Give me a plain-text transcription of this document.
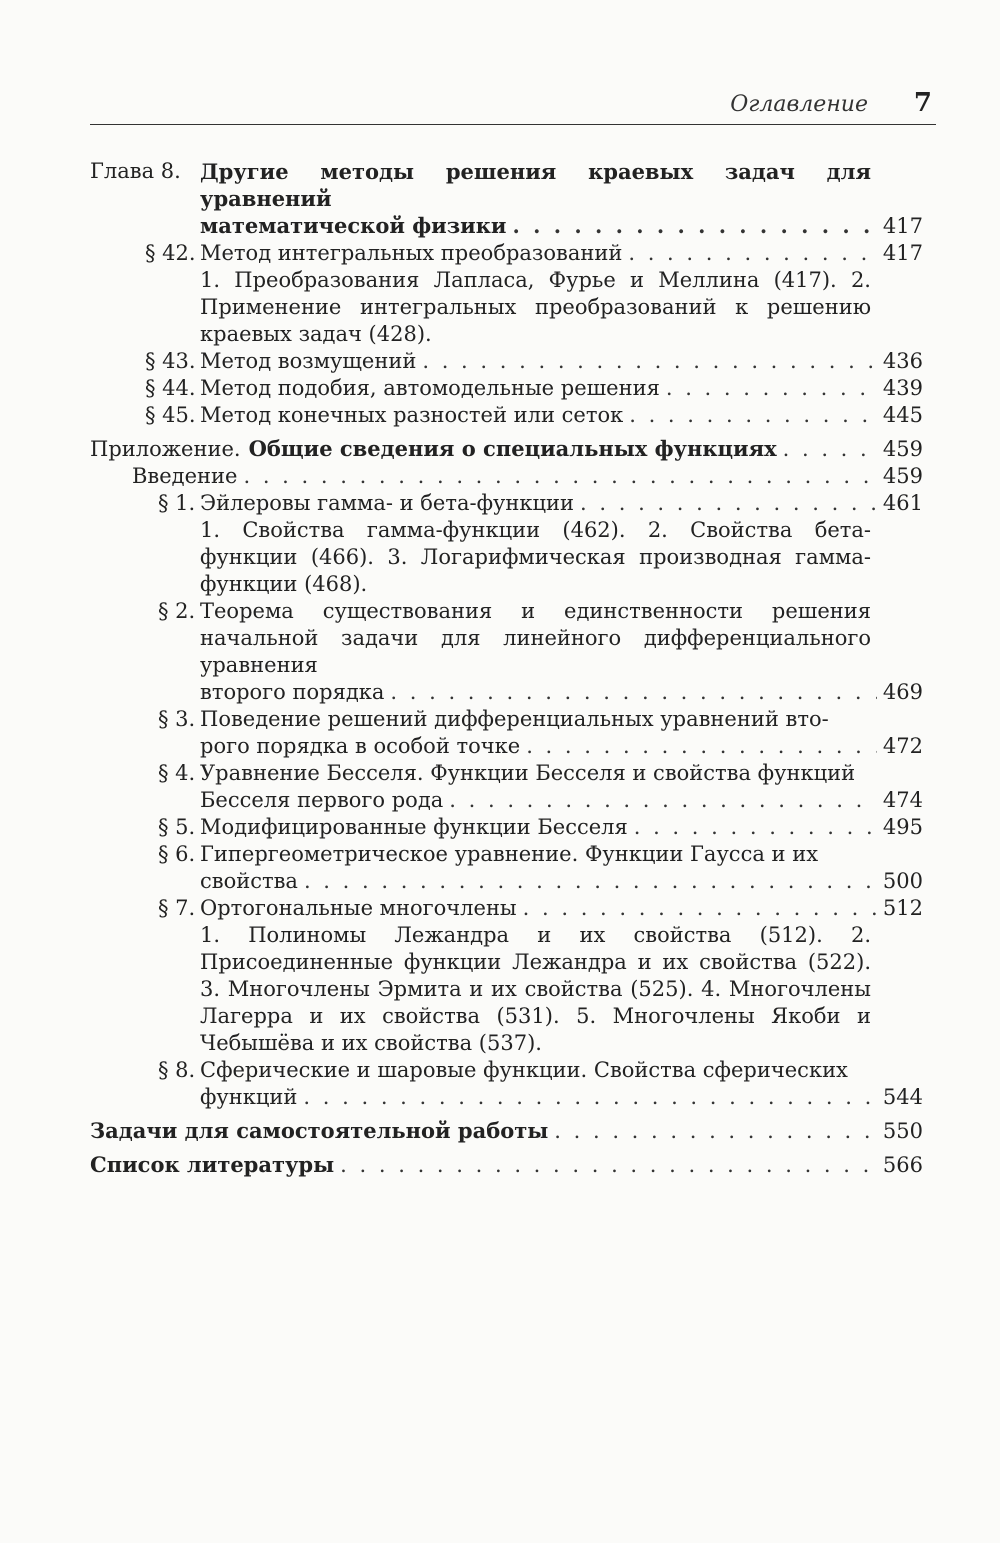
Оглавление 7
Глава 8. Другие методы решения краевых задач для уравнений
математической физики . . .	417
§ 42. Метод интегральных преобразований . . .	417
1. Преобразования Лапласа, Фурье и Меллина (417). 2. Применение интегральных преобразований к решению краевых задач (428).
§ 43. Метод возмущений . . .	436
§ 44. Метод подобия, автомодельные решения . . .	439
§ 45. Метод конечных разностей или сеток . . .	445
Приложение. Общие сведения о специальных функциях . . .	459
Введение . . .	459
§ 1. Эйлеровы гамма- и бета-функции . . .	461
1. Свойства гамма-функции (462). 2. Свойства бета-функции (466). 3. Логарифмическая производная гамма-функции (468).
§ 2. Теорема существования и единственности решения начальной задачи для линейного дифференциального уравнения
второго порядка . . .	469
§ 3. Поведение решений дифференциальных уравнений вто-
рого порядка в особой точке . . .	472
§ 4. Уравнение Бесселя. Функции Бесселя и свойства функций
Бесселя первого рода . . .	474
§ 5. Модифицированные функции Бесселя . . .	495
§ 6. Гипергеометрическое уравнение. Функции Гаусса и их
свойства . . .	500
§ 7. Ортогональные многочлены . . .	512
1. Полиномы Лежандра и их свойства (512). 2. Присоединенные функции Лежандра и их свойства (522). 3. Многочлены Эрмита и их свойства (525). 4. Многочлены Лагерра и их свойства (531). 5. Многочлены Якоби и Чебышёва и их свойства (537).
§ 8. Сферические и шаровые функции. Свойства сферических
функций . . .	544
Задачи для самостоятельной работы . . .	550
Список литературы . . .	566
